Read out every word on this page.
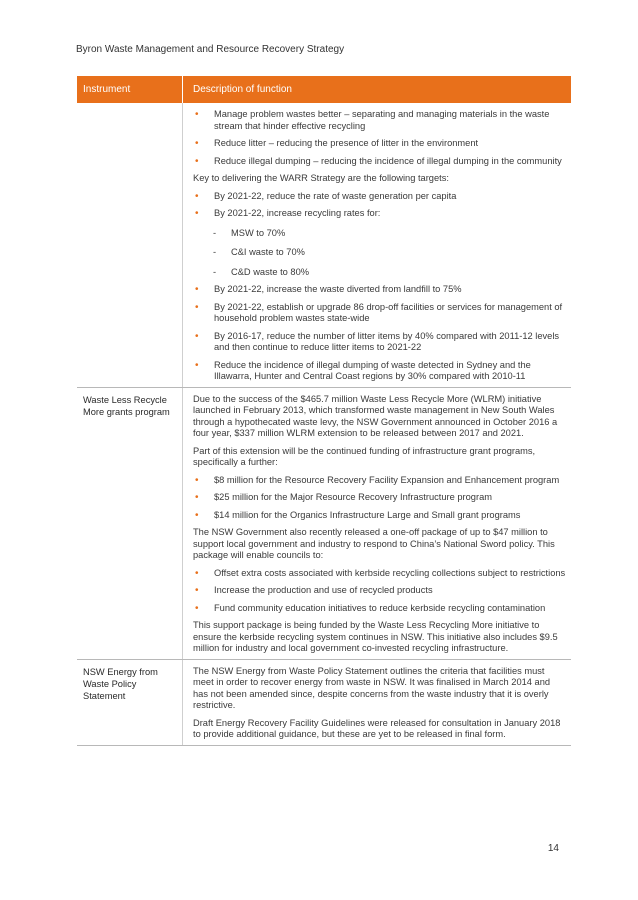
Byron Waste Management and Resource Recovery Strategy
Instrument	Description of function
• Manage problem wastes better – separating and managing materials in the waste stream that hinder effective recycling
• Reduce litter – reducing the presence of litter in the environment
• Reduce illegal dumping – reducing the incidence of illegal dumping in the community
Key to delivering the WARR Strategy are the following targets:
• By 2021-22, reduce the rate of waste generation per capita
• By 2021-22, increase recycling rates for:
- MSW to 70%
- C&I waste to 70%
- C&D waste to 80%
• By 2021-22, increase the waste diverted from landfill to 75%
• By 2021-22, establish or upgrade 86 drop-off facilities or services for management of household problem wastes state-wide
• By 2016-17, reduce the number of litter items by 40% compared with 2011-12 levels and then continue to reduce litter items to 2021-22
• Reduce the incidence of illegal dumping of waste detected in Sydney and the Illawarra, Hunter and Central Coast regions by 30% compared with 2010-11
Waste Less Recycle More grants program
Due to the success of the $465.7 million Waste Less Recycle More (WLRM) initiative launched in February 2013, which transformed waste management in New South Wales through a hypothecated waste levy, the NSW Government announced in October 2016 a four year, $337 million WLRM extension to be released between 2017 and 2021.
Part of this extension will be the continued funding of infrastructure grant programs, specifically a further:
• $8 million for the Resource Recovery Facility Expansion and Enhancement program
• $25 million for the Major Resource Recovery Infrastructure program
• $14 million for the Organics Infrastructure Large and Small grant programs
The NSW Government also recently released a one-off package of up to $47 million to support local government and industry to respond to China’s National Sword policy. This package will enable councils to:
• Offset extra costs associated with kerbside recycling collections subject to restrictions
• Increase the production and use of recycled products
• Fund community education initiatives to reduce kerbside recycling contamination
This support package is being funded by the Waste Less Recycling More initiative to ensure the kerbside recycling system continues in NSW. This initiative also includes $9.5 million for industry and local government co-invested recycling infrastructure.
NSW Energy from Waste Policy Statement
The NSW Energy from Waste Policy Statement outlines the criteria that facilities must meet in order to recover energy from waste in NSW. It was finalised in March 2014 and has not been amended since, despite concerns from the waste industry that it is overly restrictive.
Draft Energy Recovery Facility Guidelines were released for consultation in January 2018 to provide additional guidance, but these are yet to be released in final form.
14
